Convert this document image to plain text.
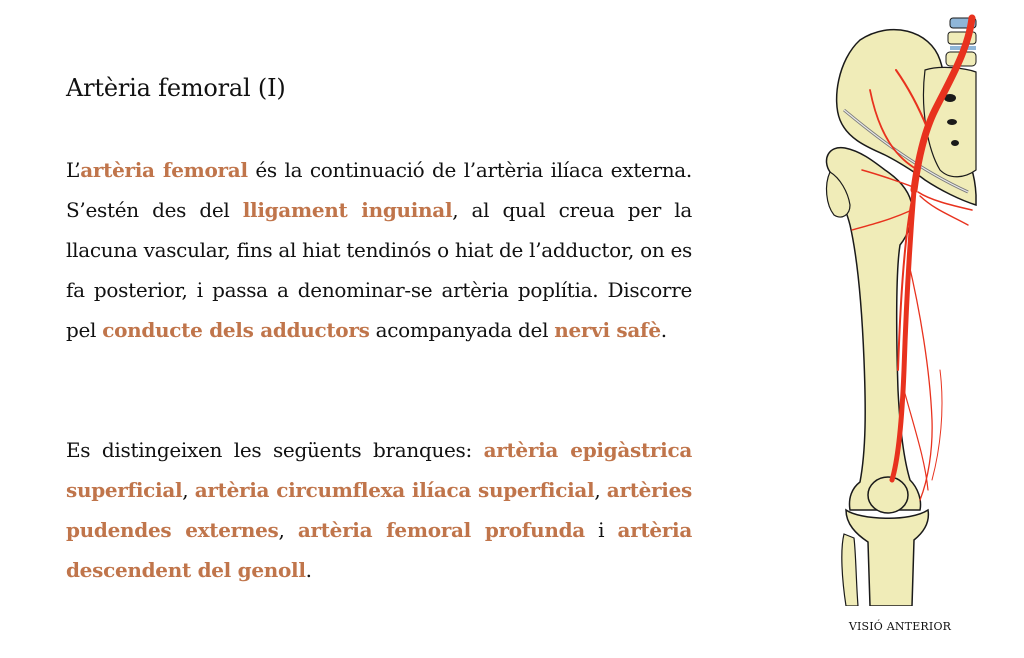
Artèria femoral (I)

L’artèria femoral és la continuació de l’artèria ilíaca externa. S’estén des del lligament inguinal, al qual creua per la llacuna vascular, fins al hiat tendinós o hiat de l’adductor, on es fa posterior, i passa a denominar-se artèria poplítia. Discorre pel conducte dels adductors acompanyada del nervi safè.

Es distingeixen les següents branques: artèria epigàstrica superficial, artèria circumflexa ilíaca superficial, artèries pudendes externes, artèria femoral profunda i artèria descendent del genoll.

VISIÓ ANTERIOR
